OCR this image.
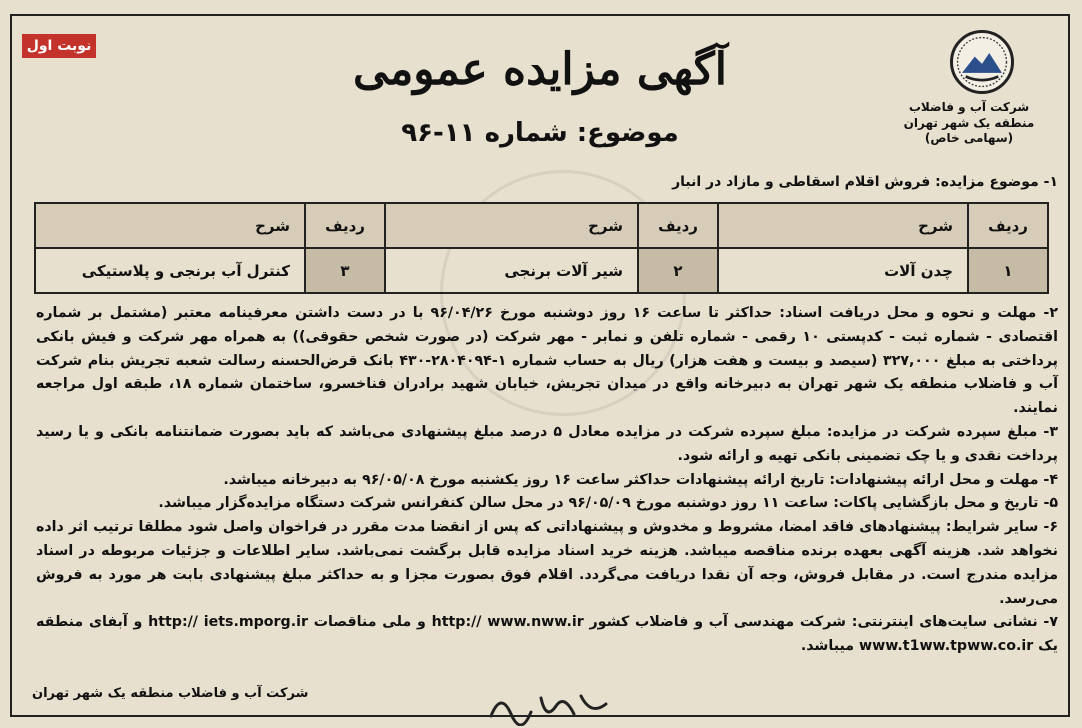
نوبت اول
شرکت آب و فاضلاب
منطقه یک شهر تهران
(سهامی خاص)
آگهی مزایده عمومی
موضوع: شماره ۱۱-۹۶
۱- موضوع مزایده: فروش اقلام اسقاطی و مازاد در انبار
ردیف	شرح	ردیف	شرح	ردیف	شرح
۱	چدن آلات	۲	شیر آلات برنجی	۳	کنترل آب برنجی و پلاستیکی

۲- مهلت و نحوه و محل دریافت اسناد: حداکثر تا ساعت ۱۶ روز دوشنبه مورخ ۹۶/۰۴/۲۶ با در دست داشتن معرفینامه معتبر (مشتمل بر شماره اقتصادی - شماره ثبت - کدپستی ۱۰ رقمی - شماره تلفن و نمابر - مهر شرکت (در صورت شخص حقوقی)) به همراه مهر شرکت و فیش بانکی پرداختی به مبلغ ۳۲۷,۰۰۰ (سیصد و بیست و هفت هزار) ریال به حساب شماره ۱-۲۸۰۴۰۹۴-۴۳۰ بانک قرض‌الحسنه رسالت شعبه تجریش بنام شرکت آب و فاضلاب منطقه یک شهر تهران به دبیرخانه واقع در میدان تجریش، خیابان شهید برادران فناخسرو، ساختمان شماره ۱۸، طبقه اول مراجعه نمایند.

۳- مبلغ سپرده شرکت در مزایده: مبلغ سپرده شرکت در مزایده معادل ۵ درصد مبلغ پیشنهادی می‌باشد که باید بصورت ضمانتنامه بانکی و یا رسید پرداخت نقدی و یا چک تضمینی بانکی تهیه و ارائه شود.

۴- مهلت و محل ارائه پیشنهادات: تاریخ ارائه پیشنهادات حداکثر ساعت ۱۶ روز یکشنبه مورخ ۹۶/۰۵/۰۸ به دبیرخانه میباشد.

۵- تاریخ و محل بازگشایی پاکات: ساعت ۱۱ روز دوشنبه مورخ ۹۶/۰۵/۰۹ در محل سالن کنفرانس شرکت دستگاه مزایده‌گزار میباشد.

۶- سایر شرایط: پیشنهادهای فاقد امضا، مشروط و مخدوش و پیشنهاداتی که پس از انقضا مدت مقرر در فراخوان واصل شود مطلقا ترتیب اثر داده نخواهد شد. هزینه آگهی بعهده برنده مناقصه میباشد. هزینه خرید اسناد مزایده قابل برگشت نمی‌باشد. سایر اطلاعات و جزئیات مربوطه در اسناد مزایده مندرج است. در مقابل فروش، وجه آن نقدا دریافت می‌گردد. اقلام فوق بصورت مجزا و به حداکثر مبلغ پیشنهادی بابت هر مورد به فروش می‌رسد.

۷- نشانی سایت‌های اینترنتی: شرکت مهندسی آب و فاضلاب کشور http:// www.nww.ir و ملی مناقصات http:// iets.mporg.ir و آبفای منطقه یک www.t1ww.tpww.co.ir میباشد.

شرکت آب و فاضلاب منطقه یک شهر تهران
